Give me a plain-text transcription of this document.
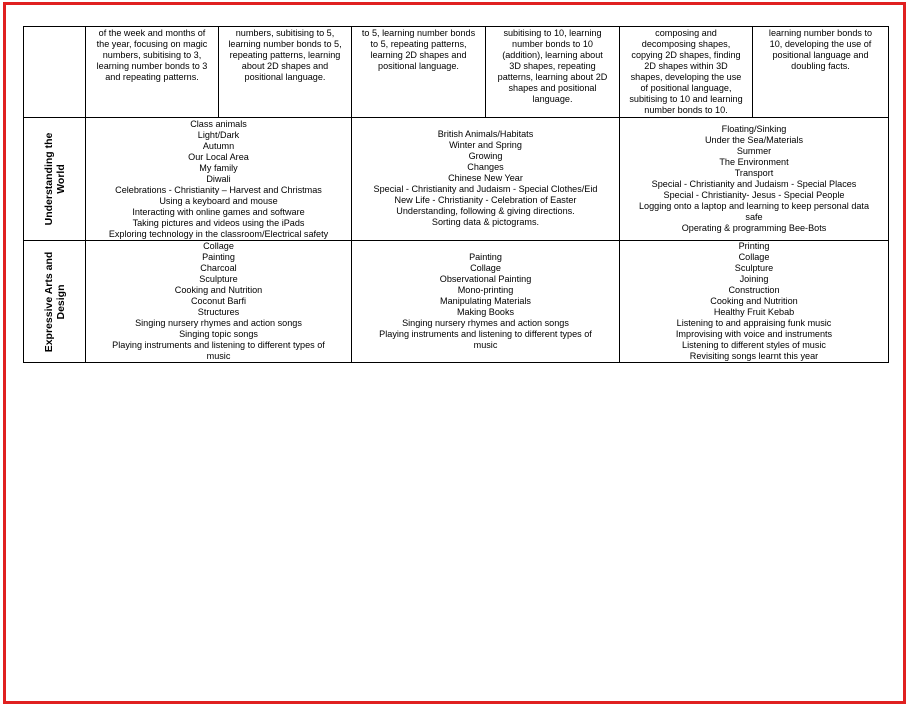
of the week and months of
the year, focusing on magic
numbers, subitising to 3,
learning number bonds to 3
and repeating patterns.
numbers, subitising to 5,
learning number bonds to 5,
repeating patterns, learning
about 2D shapes and
positional language.
to 5, learning number bonds
to 5, repeating patterns,
learning 2D shapes and
positional language.
subitising to 10, learning
number bonds to 10
(addition), learning about
3D shapes, repeating
patterns, learning about 2D
shapes and positional
language.
composing and
decomposing shapes,
copying 2D shapes, finding
2D shapes within 3D
shapes, developing the use
of positional language,
subitising to 10 and learning
number bonds to 10.
learning number bonds to
10, developing the use of
positional language and
doubling facts.
Understanding the World
Class animals
Light/Dark
Autumn
Our Local Area
My family
Diwali
Celebrations - Christianity – Harvest and Christmas
Using a keyboard and mouse
Interacting with online games and software
Taking pictures and videos using the iPads
Exploring technology in the classroom/Electrical safety
British Animals/Habitats
Winter and Spring
Growing
Changes
Chinese New Year
Special - Christianity and Judaism - Special Clothes/Eid
New Life - Christianity - Celebration of Easter
Understanding, following & giving directions.
Sorting data & pictograms.
Floating/Sinking
Under the Sea/Materials
Summer
The Environment
Transport
Special - Christianity and Judaism - Special Places
Special - Christianity- Jesus - Special People
Logging onto a laptop and learning to keep personal data
safe
Operating & programming Bee-Bots
Expressive Arts and Design
Collage
Painting
Charcoal
Sculpture
Cooking and Nutrition
Coconut Barfi
Structures
Singing nursery rhymes and action songs
Singing topic songs
Playing instruments and listening to different types of
music
Painting
Collage
Observational Painting
Mono-printing
Manipulating Materials
Making Books
Singing nursery rhymes and action songs
Playing instruments and listening to different types of
music
Printing
Collage
Sculpture
Joining
Construction
Cooking and Nutrition
Healthy Fruit Kebab
Listening to and appraising funk music
Improvising with voice and instruments
Listening to different styles of music
Revisiting songs learnt this year
